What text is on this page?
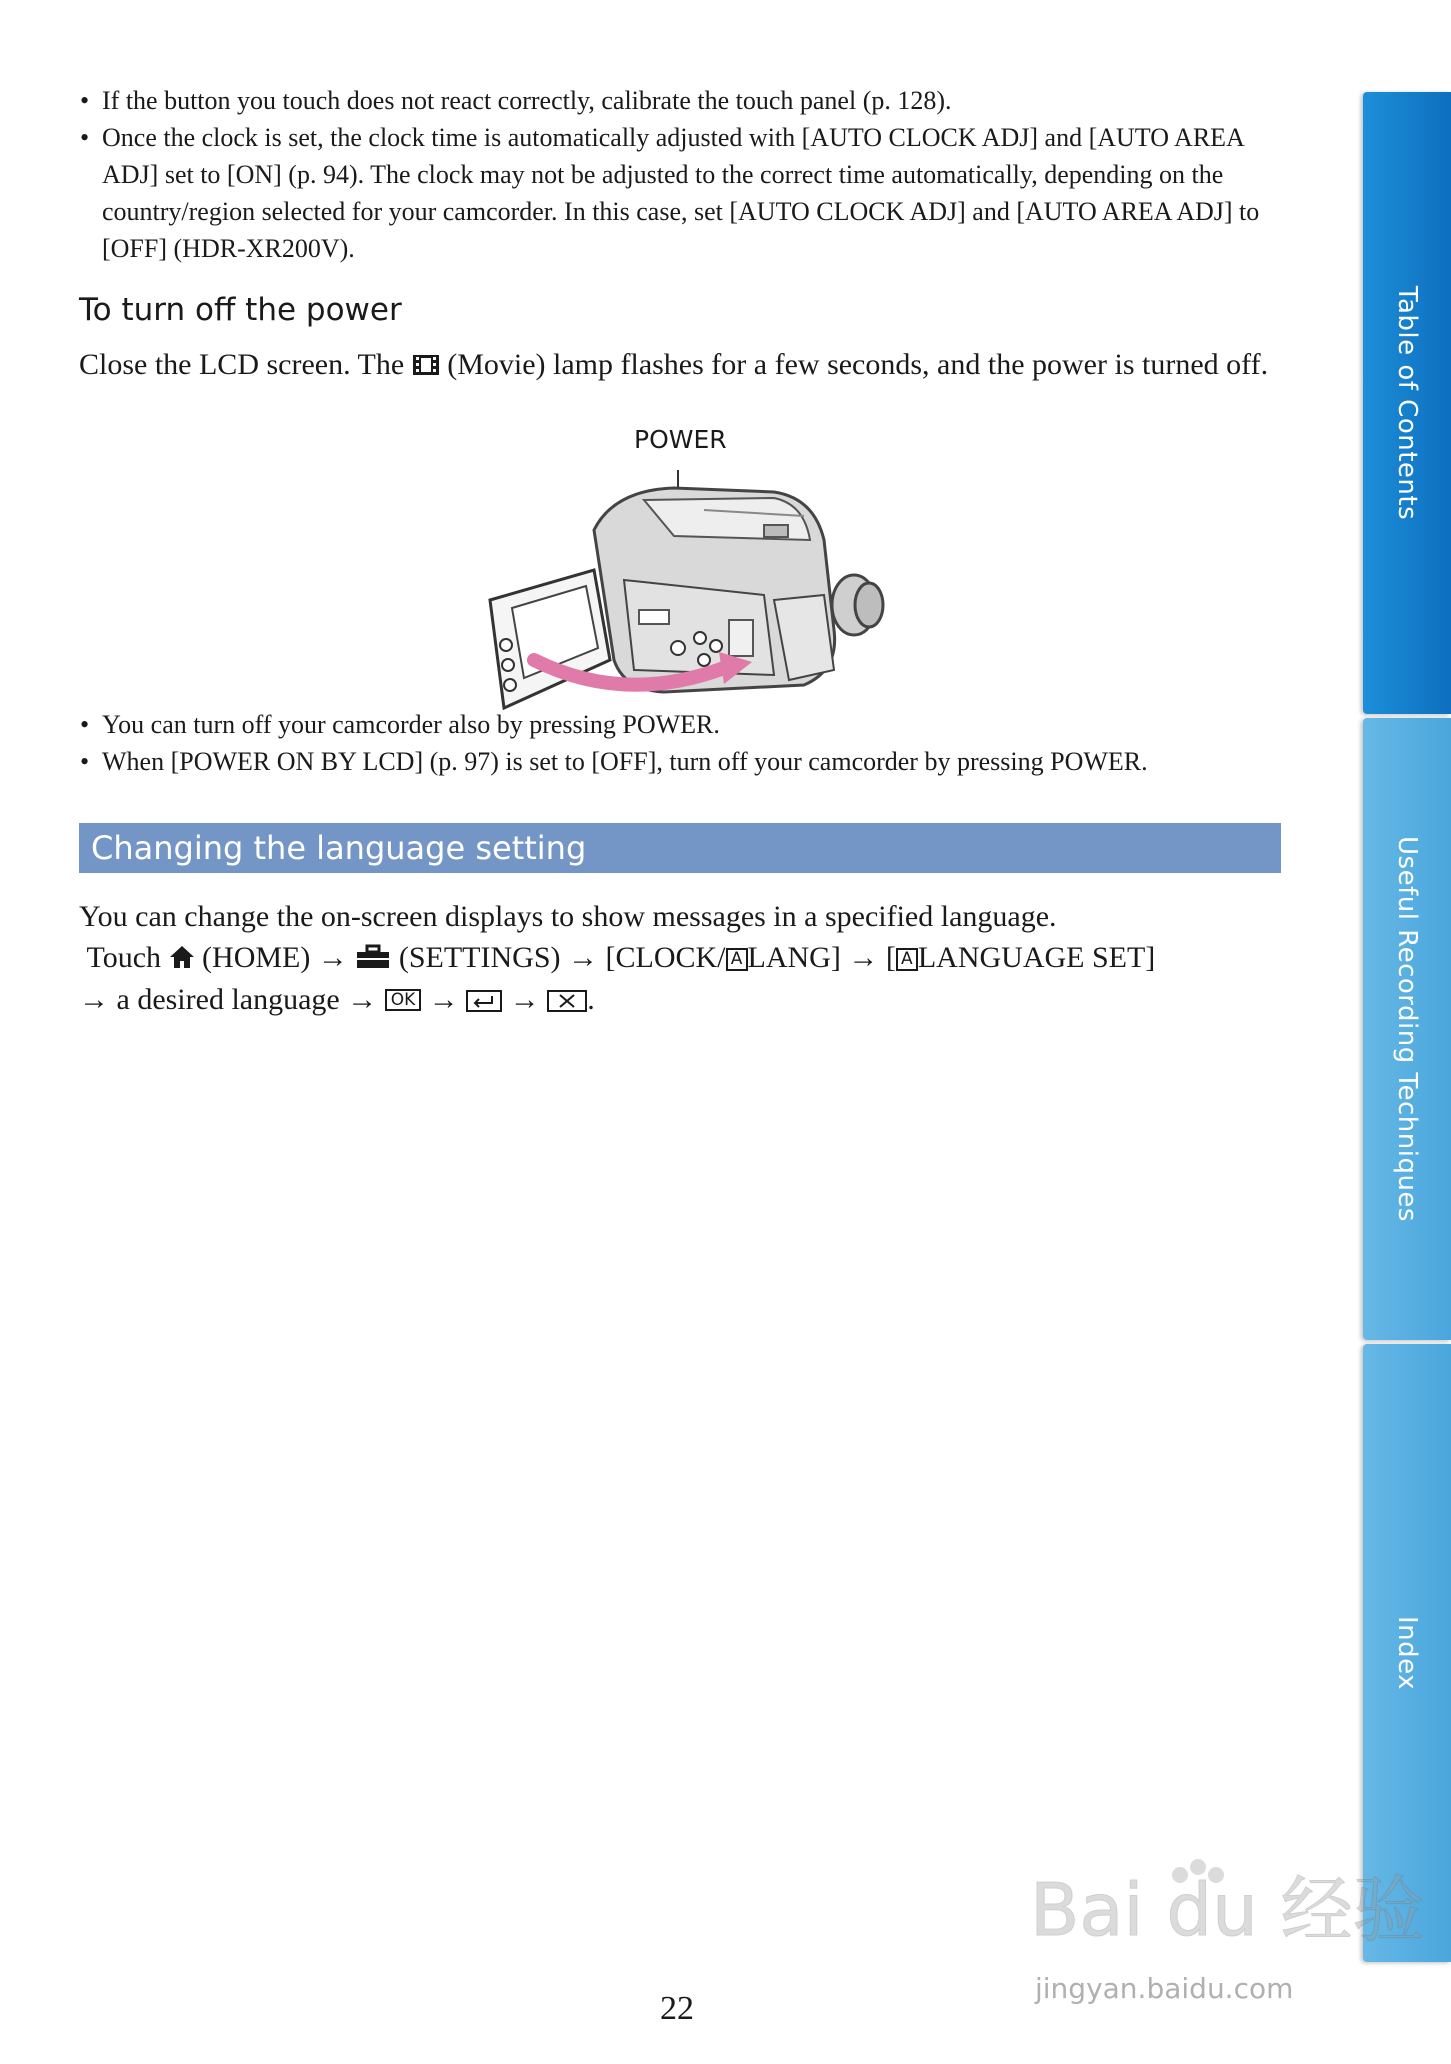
• If the button you touch does not react correctly, calibrate the touch panel (p. 128).
• Once the clock is set, the clock time is automatically adjusted with [AUTO CLOCK ADJ] and [AUTO AREA ADJ] set to [ON] (p. 94). The clock may not be adjusted to the correct time automatically, depending on the country/region selected for your camcorder. In this case, set [AUTO CLOCK ADJ] and [AUTO AREA ADJ] to [OFF] (HDR-XR200V).
To turn off the power

Close the LCD screen. The (Movie) lamp flashes for a few seconds, and the power is turned off.

POWER
• You can turn off your camcorder also by pressing POWER.
• When [POWER ON BY LCD] (p. 97) is set to [OFF], turn off your camcorder by pressing POWER.
Changing the language setting

You can change the on-screen displays to show messages in a specified language.

Touch (HOME) → (SETTINGS) → [CLOCK/ A LANG] → [ A LANGUAGE SET]
→ a desired language → OK → → .
Table of Contents
Useful Recording Techniques
Index
22
Bai du 经验
jingyan.baidu.com
